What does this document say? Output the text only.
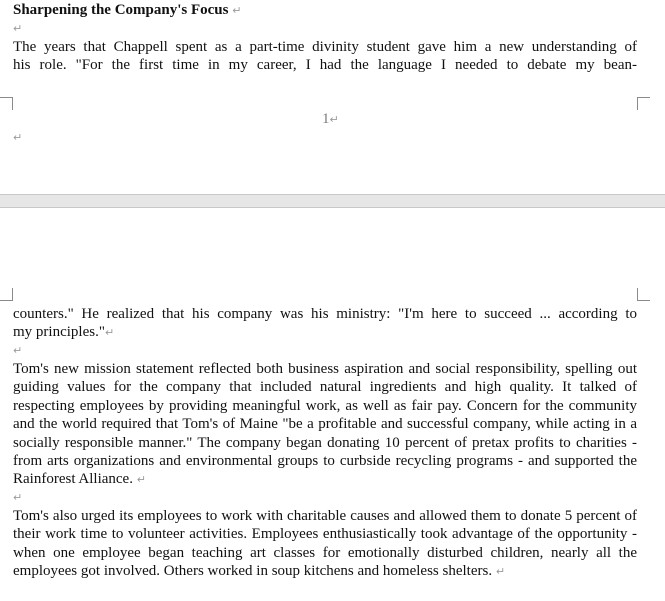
Sharpening the Company's Focus ↵
↵
The years that Chappell spent as a part-time divinity student gave him a new understanding of
his role. "For the first time in my career, I had the language I needed to debate my bean-
1↵
↵
counters." He realized that his company was his ministry: "I'm here to succeed ... according to
my principles."↵
↵
Tom's new mission statement reflected both business aspiration and social responsibility, spelling out guiding values for the company that included natural ingredients and high quality. It talked of respecting employees by providing meaningful work, as well as fair pay. Concern for the community and the world required that Tom's of Maine "be a profitable and successful company, while acting in a socially responsible manner." The company began donating 10 percent of pretax profits to charities - from arts organizations and environmental groups to curbside recycling programs - and supported the Rainforest Alliance. ↵
↵
Tom's also urged its employees to work with charitable causes and allowed them to donate 5 percent of their work time to volunteer activities. Employees enthusiastically took advantage of the opportunity - when one employee began teaching art classes for emotionally disturbed children, nearly all the employees got involved. Others worked in soup kitchens and homeless shelters. ↵
